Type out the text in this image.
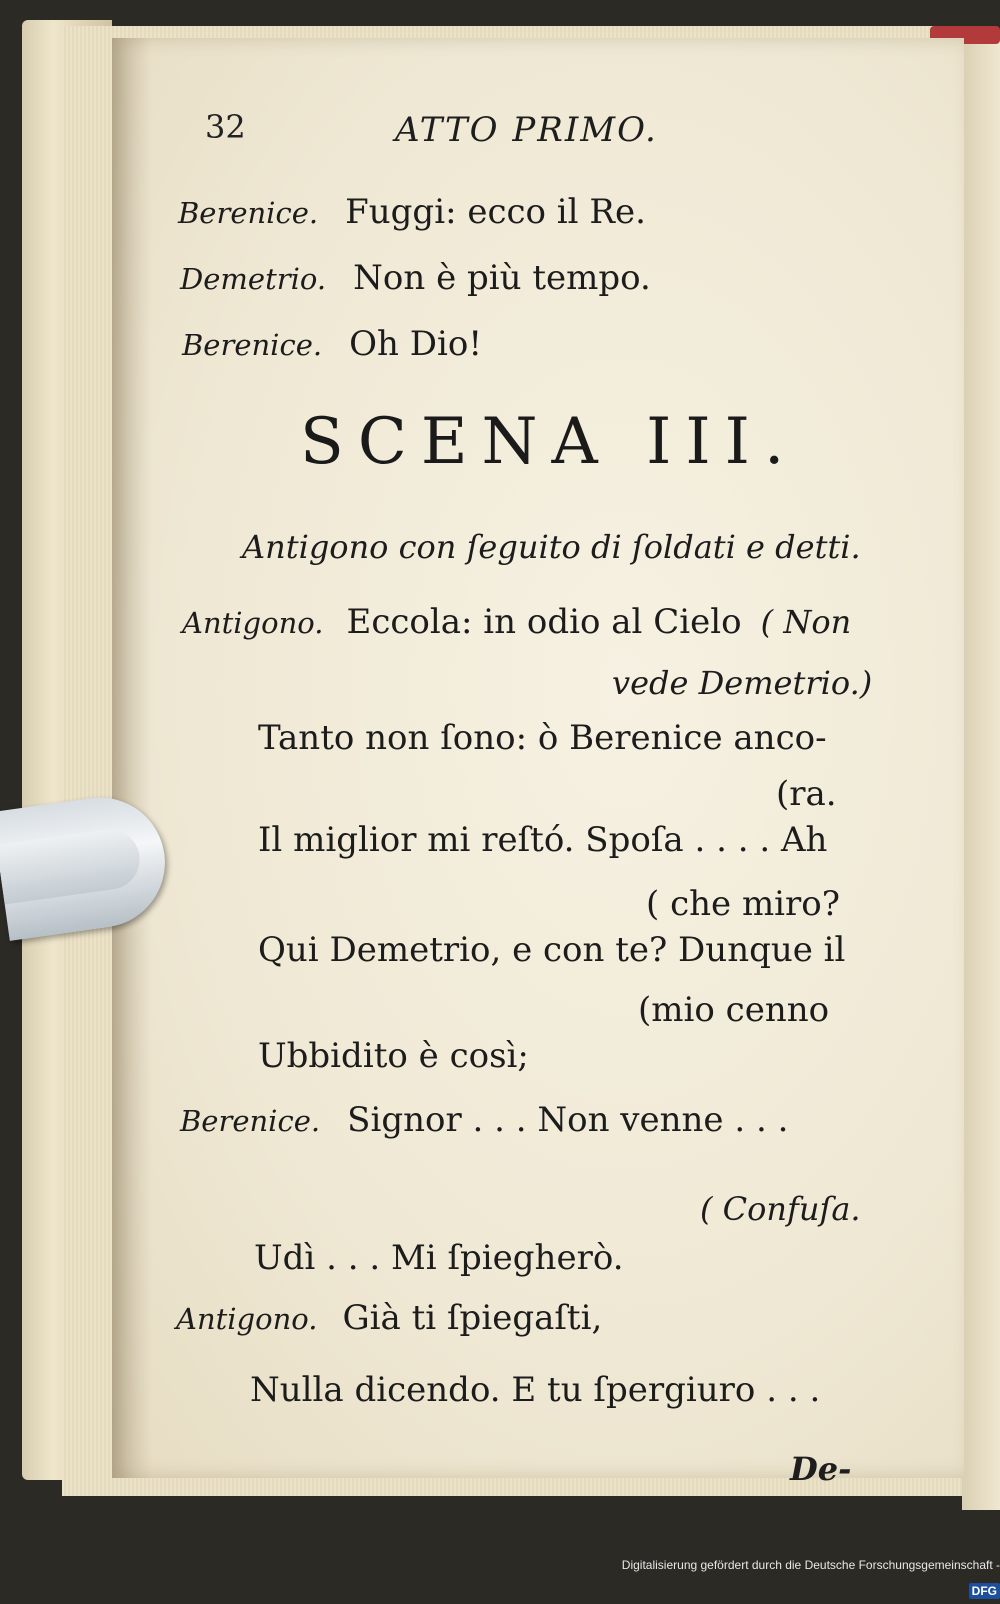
32	ATTO PRIMO.
Berenice. Fuggi: ecco il Re.
Demetrio. Non è più tempo.
Berenice. Oh Dio!
SCENA III.
Antigono con ſeguito di ſoldati e detti.
Antigono. Eccola: in odio al Cielo ( Non
vede Demetrio.)
Tanto non ſono: ò Berenice anco-
(ra.
Il miglior mi reſtó. Spoſa . . . . Ah
( che miro?
Qui Demetrio, e con te? Dunque il
(mio cenno
Ubbidito è così;
Berenice. Signor . . . Non venne . . .
( Confuſa.
Udì . . . Mi ſpiegherò.
Antigono. Già ti ſpiegaſti,
Nulla dicendo. E tu ſpergiuro . . .
De-
Digitalisierung gefördert durch die Deutsche Forschungsgemeinschaft - DFG
